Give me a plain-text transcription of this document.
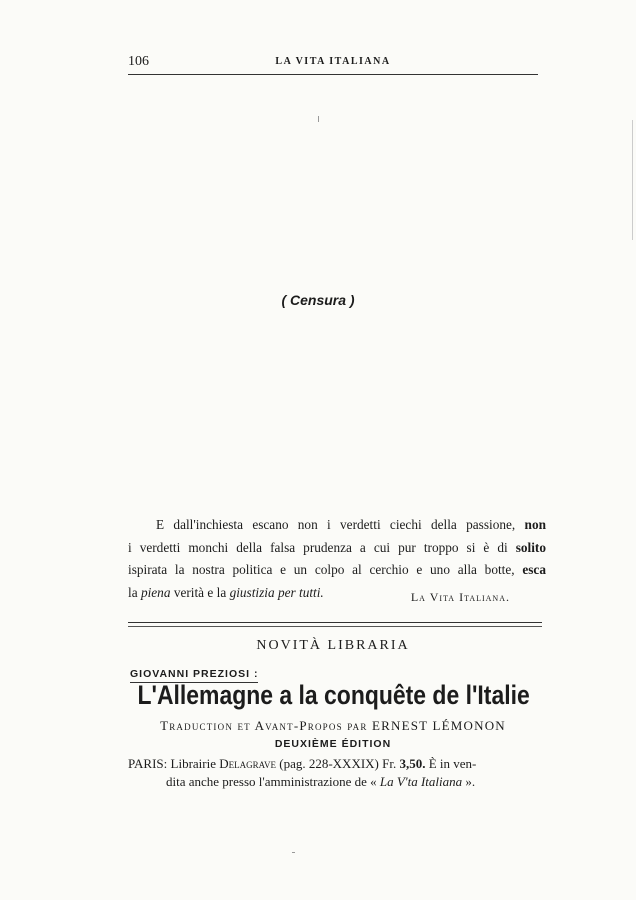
106	LA VITA ITALIANA
( Censura )
E dall'inchiesta escano non i verdetti ciechi della passione, non
i verdetti monchi della falsa prudenza a cui pur troppo si è di solito
ispirata la nostra politica e un colpo al cerchio e uno alla botte, esca
la piena verità e la giustizia per tutti.	La Vita Italiana.
NOVITÀ LIBRARIA
GIOVANNI PREZIOSI :
L'Allemagne a la conquête de l'Italie
Traduction et Avant-Propos par ERNEST LÉMONON
DEUXIÈME ÉDITION
PARIS: Librairie Delagrave (pag. 228-XXXIX) Fr. 3,50. È in ven-
dita anche presso l'amministrazione de « La V'ta Italiana ».
